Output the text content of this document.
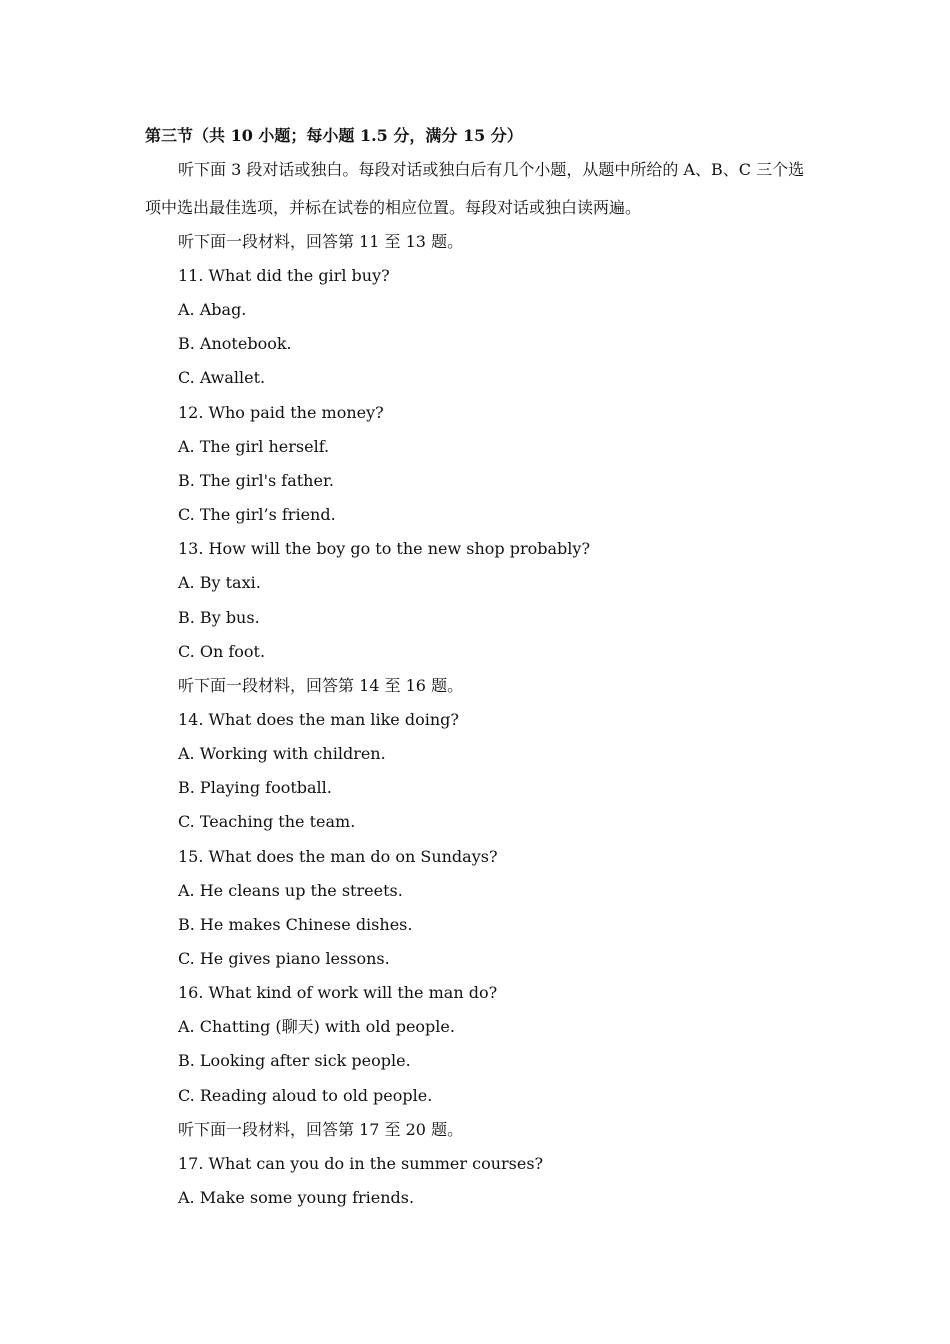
第三节（共 10 小题；每小题 1.5 分，满分 15 分）
听下面 3 段对话或独白。每段对话或独白后有几个小题，从题中所给的 A、B、C 三个选
项中选出最佳选项，并标在试卷的相应位置。每段对话或独白读两遍。
听下面一段材料，回答第 11 至 13 题。
11. What did the girl buy?
A. Abag.
B. Anotebook.
C. Awallet.
12. Who paid the money?
A. The girl herself.
B. The girl's father.
C. The girl’s friend.
13. How will the boy go to the new shop probably?
A. By taxi.
B. By bus.
C. On foot.
听下面一段材料，回答第 14 至 16 题。
14. What does the man like doing?
A. Working with children.
B. Playing football.
C. Teaching the team.
15. What does the man do on Sundays?
A. He cleans up the streets.
B. He makes Chinese dishes.
C. He gives piano lessons.
16. What kind of work will the man do?
A. Chatting (聊天) with old people.
B. Looking after sick people.
C. Reading aloud to old people.
听下面一段材料，回答第 17 至 20 题。
17. What can you do in the summer courses?
A. Make some young friends.
